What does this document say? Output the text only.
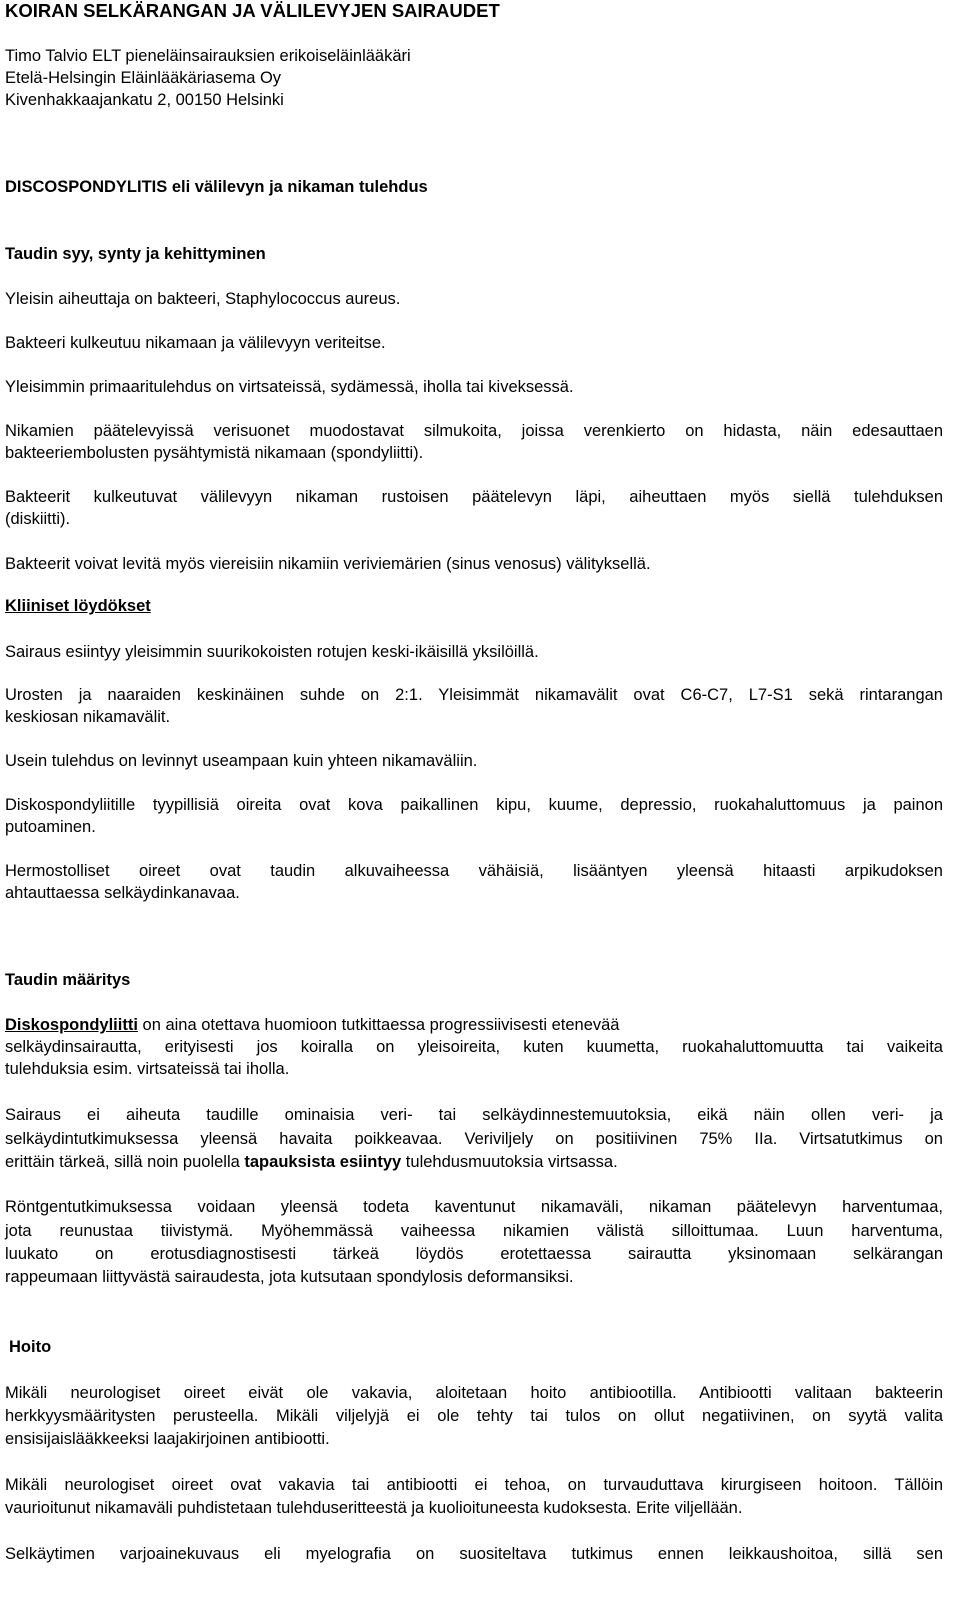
KOIRAN SELKÄRANGAN JA VÄLILEVYJEN SAIRAUDET
Timo Talvio ELT pieneläinsairauksien erikoiseläinlääkäri
Etelä-Helsingin Eläinlääkäriasema Oy
Kivenhakkaajankatu 2, 00150 Helsinki
DISCOSPONDYLITIS eli välilevyn ja nikaman tulehdus
Taudin syy, synty ja kehittyminen
Yleisin aiheuttaja on bakteeri, Staphylococcus aureus.
Bakteeri kulkeutuu nikamaan ja välilevyyn veriteitse.
Yleisimmin primaaritulehdus on virtsateissä, sydämessä, iholla tai kiveksessä.
Nikamien päätelevyissä verisuonet muodostavat silmukoita, joissa verenkierto on hidasta, näin edesauttaen
bakteeriembolusten pysähtymistä nikamaan (spondyliitti).
Bakteerit kulkeutuvat välilevyyn nikaman rustoisen päätelevyn läpi, aiheuttaen myös siellä tulehduksen
(diskiitti).
Bakteerit voivat levitä myös viereisiin nikamiin veriviemärien (sinus venosus) välityksellä.
Kliiniset löydökset
Sairaus esiintyy yleisimmin suurikokoisten rotujen keski-ikäisillä yksilöillä.
Urosten ja naaraiden keskinäinen suhde on 2:1. Yleisimmät nikamavälit ovat C6-C7, L7-S1 sekä rintarangan
keskiosan nikamavälit.
Usein tulehdus on levinnyt useampaan kuin yhteen nikamaväliin.
Diskospondyliitille tyypillisiä oireita ovat kova paikallinen kipu, kuume, depressio, ruokahaluttomuus ja painon
putoaminen.
Hermostolliset oireet ovat taudin alkuvaiheessa vähäisiä, lisääntyen yleensä hitaasti arpikudoksen
ahtauttaessa selkäydinkanavaa.
Taudin määritys
Diskospondyliitti on aina otettava huomioon tutkittaessa progressiivisesti etenevää
selkäydinsairautta, erityisesti jos koiralla on yleisoireita, kuten kuumetta, ruokahaluttomuutta tai vaikeita
tulehduksia esim. virtsateissä tai iholla.
Sairaus ei aiheuta taudille ominaisia veri- tai selkäydinnestemuutoksia, eikä näin ollen veri- ja
selkäydintutkimuksessa yleensä havaita poikkeavaa. Veriviljely on positiivinen 75% IIa. Virtsatutkimus on
erittäin tärkeä, sillä noin puolella tapauksista esiintyy tulehdusmuutoksia virtsassa.
Röntgentutkimuksessa voidaan yleensä todeta kaventunut nikamaväli, nikaman päätelevyn harventumaa,
jota reunustaa tiivistymä. Myöhemmässä vaiheessa nikamien välistä silloittumaa. Luun harventuma,
luukato on erotusdiagnostisesti tärkeä löydös erotettaessa sairautta yksinomaan selkärangan
rappeumaan liittyvästä sairaudesta, jota kutsutaan spondylosis deformansiksi.
Hoito
Mikäli neurologiset oireet eivät ole vakavia, aloitetaan hoito antibiootilla. Antibiootti valitaan bakteerin
herkkyysmääritysten perusteella. Mikäli viljelyjä ei ole tehty tai tulos on ollut negatiivinen, on syytä valita
ensisijaislääkkeeksi laajakirjoinen antibiootti.
Mikäli neurologiset oireet ovat vakavia tai antibiootti ei tehoa, on turvauduttava kirurgiseen hoitoon. Tällöin
vaurioitunut nikamaväli puhdistetaan tulehduseritteestä ja kuolioituneesta kudoksesta. Erite viljellään.
Selkäytimen varjoainekuvaus eli myelografia on suositeltava tutkimus ennen leikkaushoitoa, sillä sen
